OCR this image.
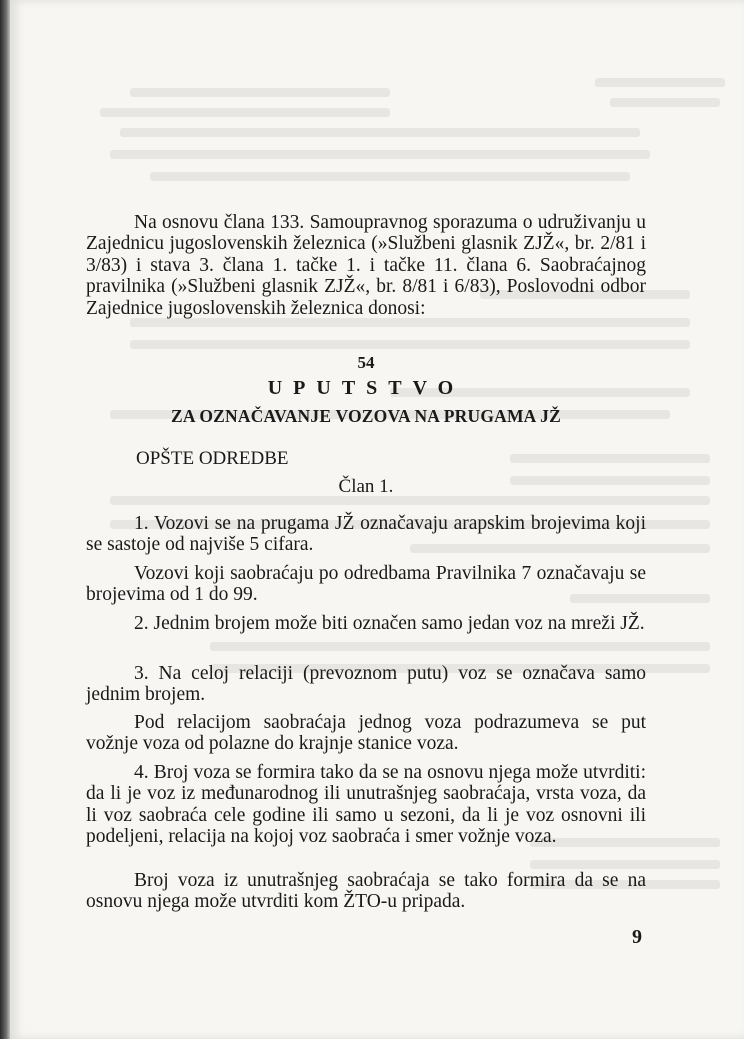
Na osnovu člana 133. Samoupravnog sporazuma o udruživanju u Zajednicu jugoslovenskih železnica (»Službeni glasnik ZJŽ«, br. 2/81 i 3/83) i stava 3. člana 1. tačke 1. i tačke 11. člana 6. Saobraćajnog pravilnika (»Službeni glasnik ZJŽ«, br. 8/81 i 6/83), Poslovodni odbor Zajednice jugoslovenskih železnica donosi:

54
UPUTSTVO
ZA OZNAČAVANJE VOZOVA NA PRUGAMA JŽ
OPŠTE ODREDBE
Član 1.

1. Vozovi se na prugama JŽ označavaju arapskim brojevima koji se sastoje od najviše 5 cifara.

Vozovi koji saobraćaju po odredbama Pravilnika 7 označavaju se brojevima od 1 do 99.

2. Jednim brojem može biti označen samo jedan voz na mreži JŽ.

3. Na celoj relaciji (prevoznom putu) voz se označava samo jednim brojem.

Pod relacijom saobraćaja jednog voza podrazumeva se put vožnje voza od polazne do krajnje stanice voza.

4. Broj voza se formira tako da se na osnovu njega može utvrditi: da li je voz iz međunarodnog ili unutrašnjeg saobraćaja, vrsta voza, da li voz saobraća cele godine ili samo u sezoni, da li je voz osnovni ili podeljeni, relacija na kojoj voz saobraća i smer vožnje voza.

Broj voza iz unutrašnjeg saobraćaja se tako formira da se na osnovu njega može utvrditi kom ŽTO-u pripada.

9
